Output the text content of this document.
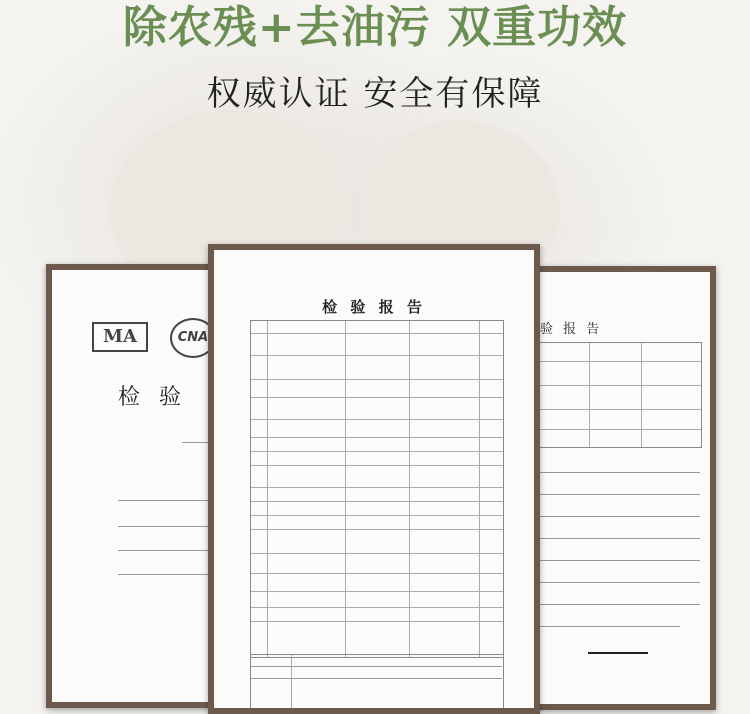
除农残+去油污 双重功效
权威认证 安全有保障
MA	CNA
检 验
验 报 告
检 验 报 告
